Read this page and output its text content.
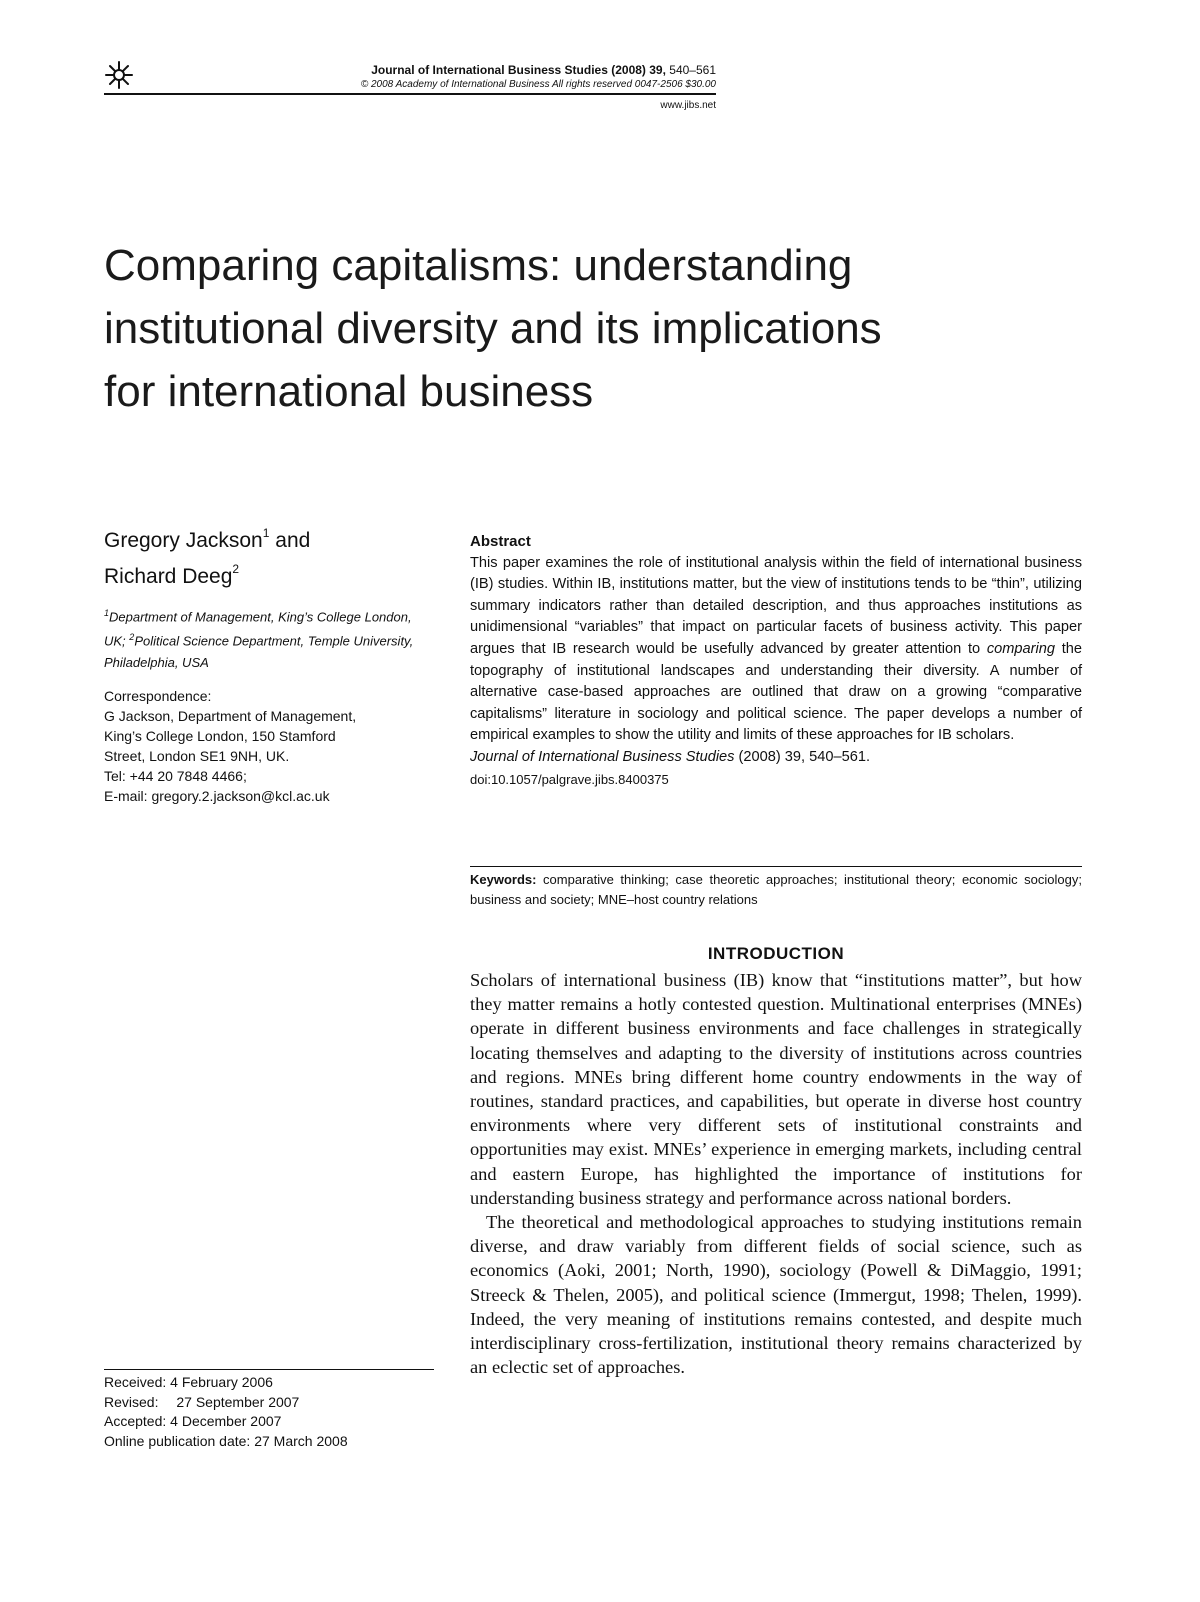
Journal of International Business Studies (2008) 39, 540–561
© 2008 Academy of International Business All rights reserved 0047-2506 $30.00
www.jibs.net
Comparing capitalisms: understanding
institutional diversity and its implications
for international business
Gregory Jackson$^1$ and
Richard Deeg$^2$
$^1$Department of Management, King’s College London, UK; $^2$Political Science Department, Temple University, Philadelphia, USA
Correspondence:
G Jackson, Department of Management,
King’s College London, 150 Stamford
Street, London SE1 9NH, UK.
Tel: +44 20 7848 4466;
E-mail: gregory.2.jackson@kcl.ac.uk
Received: 4 February 2006
Revised: 27 September 2007
Accepted: 4 December 2007
Online publication date: 27 March 2008
Abstract
This paper examines the role of institutional analysis within the field of international business (IB) studies. Within IB, institutions matter, but the view of institutions tends to be “thin”, utilizing summary indicators rather than detailed description, and thus approaches institutions as unidimensional “variables” that impact on particular facets of business activity. This paper argues that IB research would be usefully advanced by greater attention to comparing the topography of institutional landscapes and understanding their diversity. A number of alternative case-based approaches are outlined that draw on a growing “comparative capitalisms” literature in sociology and political science. The paper develops a number of empirical examples to show the utility and limits of these approaches for IB scholars.
Journal of International Business Studies (2008) 39, 540–561.
doi:10.1057/palgrave.jibs.8400375
Keywords: comparative thinking; case theoretic approaches; institutional theory; economic sociology; business and society; MNE–host country relations
INTRODUCTION

Scholars of international business (IB) know that “institutions matter”, but how they matter remains a hotly contested question. Multinational enterprises (MNEs) operate in different business environments and face challenges in strategically locating themselves and adapting to the diversity of institutions across countries and regions. MNEs bring different home country endowments in the way of routines, standard practices, and capabilities, but operate in diverse host country environments where very different sets of institutional constraints and opportunities may exist. MNEs’ experience in emerging markets, including central and eastern Europe, has highlighted the importance of institutions for understanding business strategy and performance across national borders.

The theoretical and methodological approaches to studying institutions remain diverse, and draw variably from different fields of social science, such as economics (Aoki, 2001; North, 1990), sociology (Powell & DiMaggio, 1991; Streeck & Thelen, 2005), and political science (Immergut, 1998; Thelen, 1999). Indeed, the very meaning of institutions remains contested, and despite much interdisciplinary cross-fertilization, institutional theory remains characterized by an eclectic set of approaches.
